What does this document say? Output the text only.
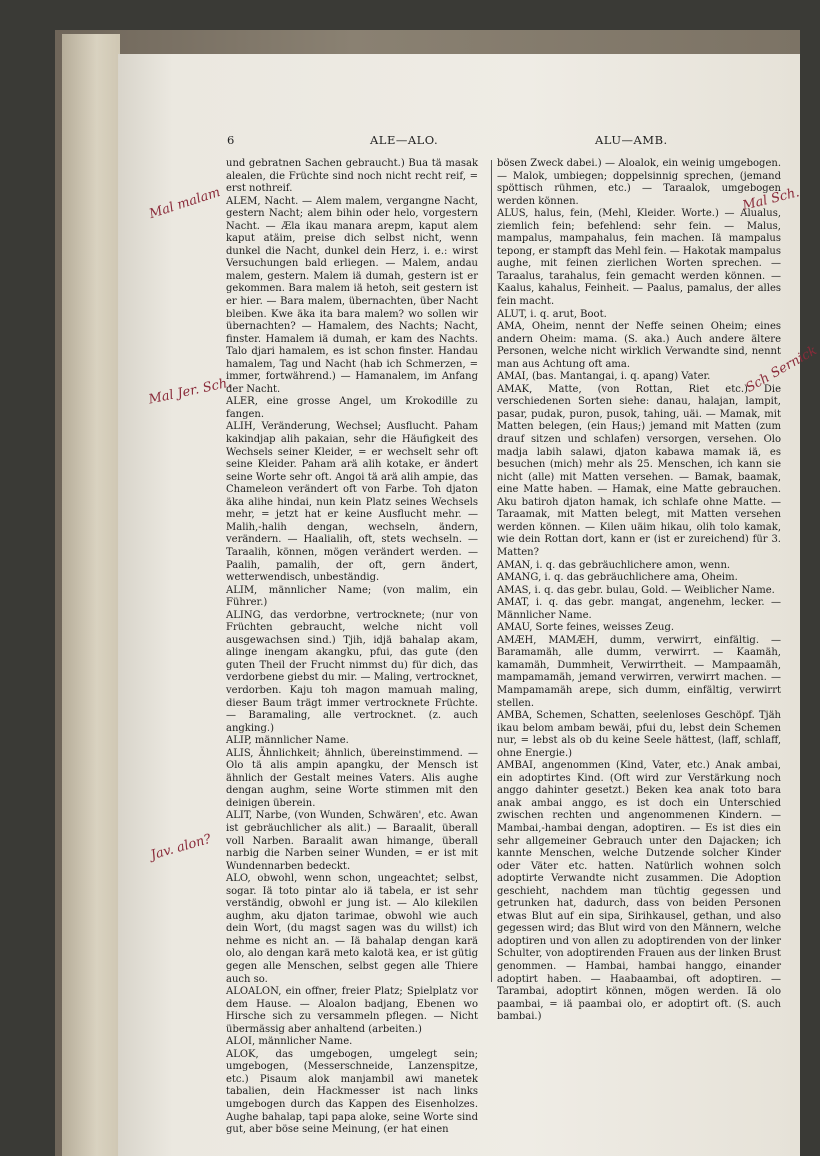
6	ALE—ALO.	ALU—AMB.

und gebratnen Sachen gebraucht.) Bua tä masak alealen, die Früchte sind noch nicht recht reif, = erst nothreif.

ALEM, Nacht. — Alem malem, vergangne Nacht, gestern Nacht; alem bihin oder helo, vorgestern Nacht. — Æla ikau manara arepm, kaput alem kaput atäim, preise dich selbst nicht, wenn dunkel die Nacht, dunkel dein Herz, i. e.: wirst Versuchungen bald erliegen. — Malem, andau malem, gestern. Malem iä dumah, gestern ist er gekommen. Bara malem iä hetoh, seit gestern ist er hier. — Bara malem, übernachten, über Nacht bleiben. Kwe äka ita bara malem? wo sollen wir übernachten? — Hamalem, des Nachts; Nacht, finster. Hamalem iä dumah, er kam des Nachts. Talo djari hamalem, es ist schon finster. Handau hamalem, Tag und Nacht (hab ich Schmerzen, = immer, fortwährend.) — Hamanalem, im Anfang der Nacht.

ALER, eine grosse Angel, um Krokodille zu fangen.

ALIH, Veränderung, Wechsel; Ausflucht. Paham kakindjap alih pakaian, sehr die Häufigkeit des Wechsels seiner Kleider, = er wechselt sehr oft seine Kleider. Paham arä alih kotake, er ändert seine Worte sehr oft. Angoi tä arä alih ampie, das Chameleon verändert oft von Farbe. Toh djaton äka alihe hindai, nun kein Platz seines Wechsels mehr, = jetzt hat er keine Ausflucht mehr. — Malih,-halih dengan, wechseln, ändern, verändern. — Haalialih, oft, stets wechseln. — Taraalih, können, mögen verändert werden. — Paalih, pamalih, der oft, gern ändert, wetterwendisch, unbeständig.

ALIM, männlicher Name; (von malim, ein Führer.)

ALING, das verdorbne, vertrocknete; (nur von Früchten gebraucht, welche nicht voll ausgewachsen sind.) Tjih, idjä bahalap akam, alinge inengam akangku, pfui, das gute (den guten Theil der Frucht nimmst du) für dich, das verdorbene giebst du mir. — Maling, vertrocknet, verdorben. Kaju toh magon mamuah maling, dieser Baum trägt immer vertrocknete Früchte. — Baramaling, alle vertrocknet. (z. auch angking.)

ALIP, männlicher Name.

ALIS, Ähnlichkeit; ähnlich, übereinstimmend. — Olo tä alis ampin apangku, der Mensch ist ähnlich der Gestalt meines Vaters. Alis aughe dengan aughm, seine Worte stimmen mit den deinigen überein.

ALIT, Narbe, (von Wunden, Schwären', etc. Awan ist gebräuchlicher als alit.) — Baraalit, überall voll Narben. Baraalit awan himange, überall narbig die Narben seiner Wunden, = er ist mit Wundennarben bedeckt.

ALO, obwohl, wenn schon, ungeachtet; selbst, sogar. Iä toto pintar alo iä tabela, er ist sehr verständig, obwohl er jung ist. — Alo kilekilen aughm, aku djaton tarimae, obwohl wie auch dein Wort, (du magst sagen was du willst) ich nehme es nicht an. — Iä bahalap dengan karä olo, alo dengan karä meto kalotä kea, er ist gütig gegen alle Menschen, selbst gegen alle Thiere auch so.

ALOALON, ein offner, freier Platz; Spielplatz vor dem Hause. — Aloalon badjang, Ebenen wo Hirsche sich zu versammeln pflegen. — Nicht übermässig aber anhaltend (arbeiten.)

ALOI, männlicher Name.

ALOK, das umgebogen, umgelegt sein; umgebogen, (Messerschneide, Lanzenspitze, etc.) Pisaum alok manjambil awi manetek tabalien, dein Hackmesser ist nach links umgebogen durch das Kappen des Eisenholzes. Aughe bahalap, tapi papa aloke, seine Worte sind gut, aber böse seine Meinung, (er hat einen

bösen Zweck dabei.) — Aloalok, ein weinig umgebogen. — Malok, umbiegen; doppelsinnig sprechen, (jemand spöttisch rühmen, etc.) — Taraalok, umgebogen werden können.

ALUS, halus, fein, (Mehl, Kleider. Worte.) — Alualus, ziemlich fein; befehlend: sehr fein. — Malus, mampalus, mampahalus, fein machen. Iä mampalus tepong, er stampft das Mehl fein. — Hakotak mampalus aughe, mit feinen zierlichen Worten sprechen. — Taraalus, tarahalus, fein gemacht werden können. — Kaalus, kahalus, Feinheit. — Paalus, pamalus, der alles fein macht.

ALUT, i. q. arut, Boot.

AMA, Oheim, nennt der Neffe seinen Oheim; eines andern Oheim: mama. (S. aka.) Auch andere ältere Personen, welche nicht wirklich Verwandte sind, nennt man aus Achtung oft ama.

AMAI, (bas. Mantangai, i. q. apang) Vater.

AMAK, Matte, (von Rottan, Riet etc.) Die verschiedenen Sorten siehe: danau, halajan, lampit, pasar, pudak, puron, pusok, tahing, uäi. — Mamak, mit Matten belegen, (ein Haus;) jemand mit Matten (zum drauf sitzen und schlafen) versorgen, versehen. Olo madja labih salawi, djaton kabawa mamak iä, es besuchen (mich) mehr als 25. Menschen, ich kann sie nicht (alle) mit Matten versehen. — Bamak, baamak, eine Matte haben. — Hamak, eine Matte gebrauchen. Aku batiroh djaton hamak, ich schlafe ohne Matte. — Taraamak, mit Matten belegt, mit Matten versehen werden können. — Kilen uäim hikau, olih tolo kamak, wie dein Rottan dort, kann er (ist er zureichend) für 3. Matten?

AMAN, i. q. das gebräuchlichere amon, wenn.

AMANG, i. q. das gebräuchlichere ama, Oheim.

AMAS, i. q. das gebr. bulau, Gold. — Weiblicher Name.

AMAT, i. q. das gebr. mangat, angenehm, lecker. — Männlicher Name.

AMAU, Sorte feines, weisses Zeug.

AMÆH, MAMÆH, dumm, verwirrt, einfältig. — Baramamäh, alle dumm, verwirrt. — Kaamäh, kamamäh, Dummheit, Verwirrtheit. — Mampaamäh, mampamamäh, jemand verwirren, verwirrt machen. — Mampamamäh arepe, sich dumm, einfältig, verwirrt stellen.

AMBA, Schemen, Schatten, seelenloses Geschöpf. Tjäh ikau belom ambam bewäi, pfui du, lebst dein Schemen nur, = lebst als ob du keine Seele hättest, (laff, schlaff, ohne Energie.)

AMBAI, angenommen (Kind, Vater, etc.) Anak ambai, ein adoptirtes Kind. (Oft wird zur Verstärkung noch anggo dahinter gesetzt.) Beken kea anak toto bara anak ambai anggo, es ist doch ein Unterschied zwischen rechten und angenommenen Kindern. — Mambai,-hambai dengan, adoptiren. — Es ist dies ein sehr allgemeiner Gebrauch unter den Dajacken; ich kannte Menschen, welche Dutzende solcher Kinder oder Väter etc. hatten. Natürlich wohnen solch adoptirte Verwandte nicht zusammen. Die Adoption geschieht, nachdem man tüchtig gegessen und getrunken hat, dadurch, dass von beiden Personen etwas Blut auf ein sipa, Sirihkausel, gethan, und also gegessen wird; das Blut wird von den Männern, welche adoptiren und von allen zu adoptirenden von der linker Schulter, von adoptirenden Frauen aus der linken Brust genommen. — Hambai, hambai hanggo, einander adoptirt haben. — Haabaambai, oft adoptiren. — Tarambai, adoptirt können, mögen werden. Iä olo paambai, = iä paambai olo, er adoptirt oft. (S. auch bambai.)

Mal malam
Mal Jer. Sch.
Jav. alon?
Mal Sch.
Sch Sernick
